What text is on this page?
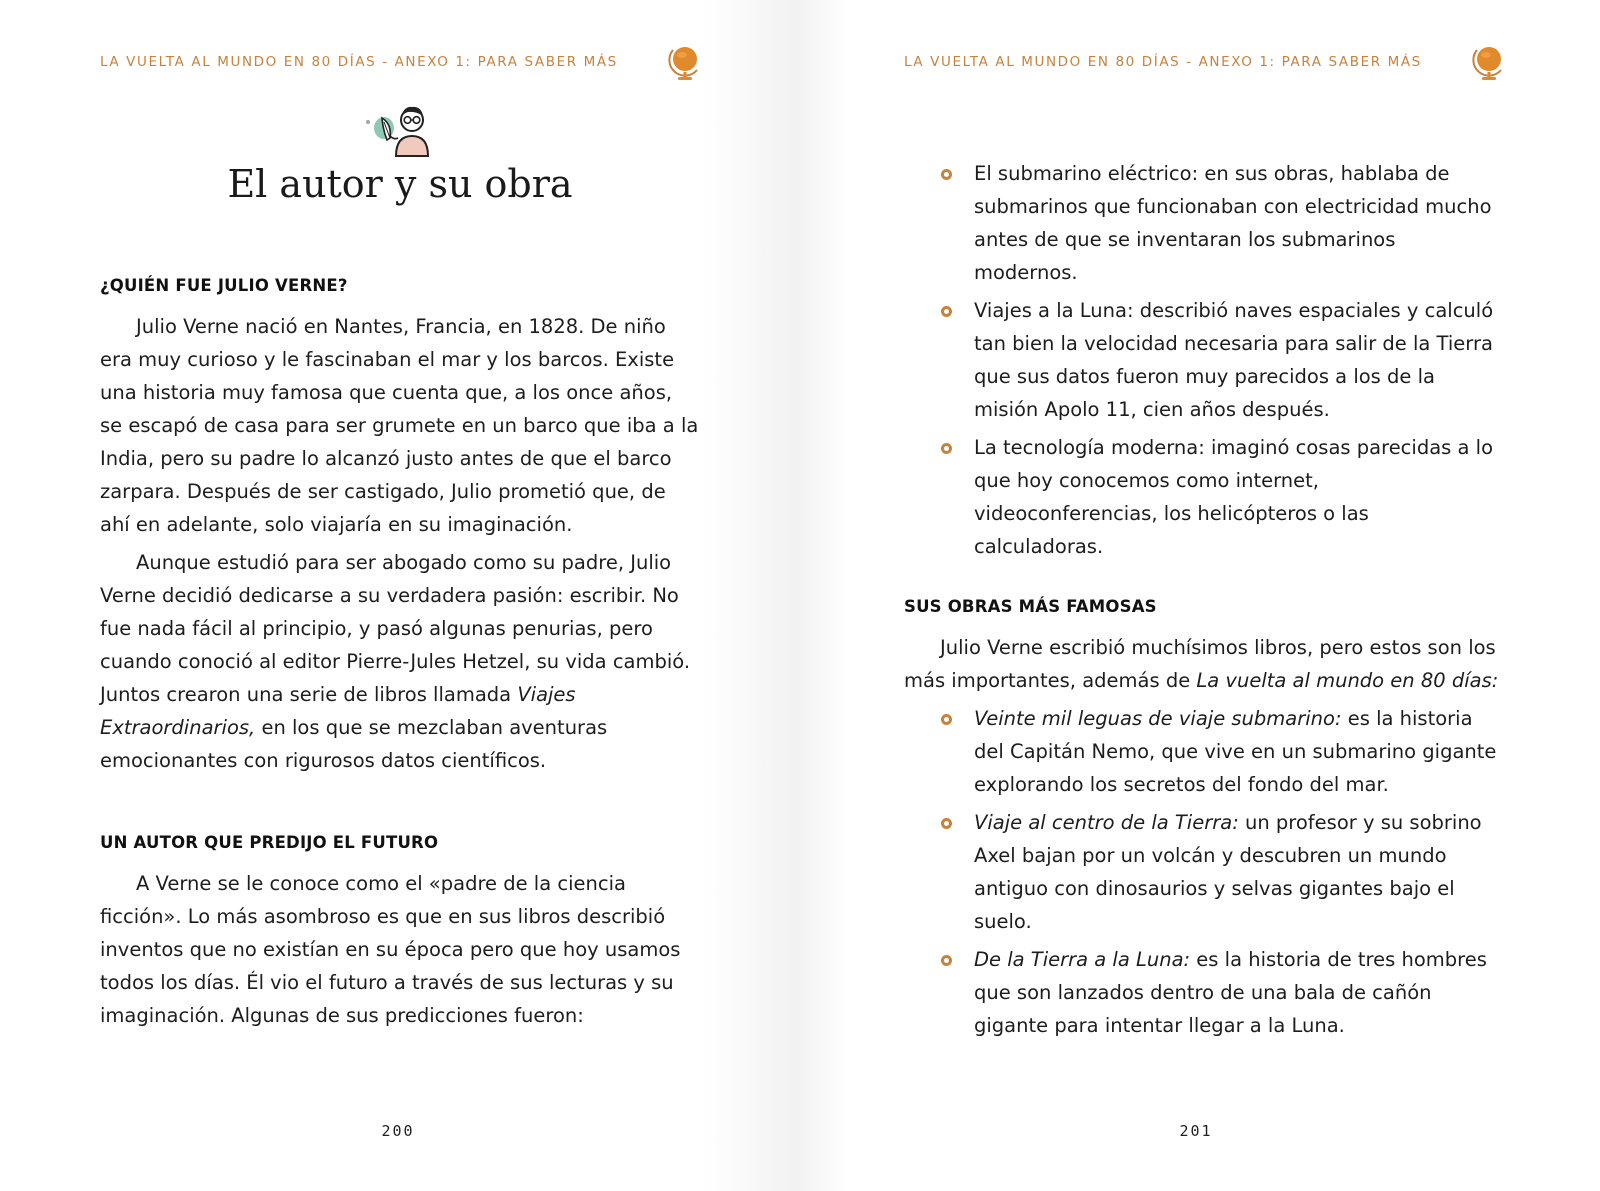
LA VUELTA AL MUNDO EN 80 DÍAS - ANEXO 1: PARA SABER MÁS
El autor y su obra
¿QUIÉN FUE JULIO VERNE?

Julio Verne nació en Nantes, Francia, en 1828. De niño era muy curioso y le fascinaban el mar y los barcos. Existe una historia muy famosa que cuenta que, a los once años, se escapó de casa para ser grumete en un barco que iba a la India, pero su padre lo alcanzó justo antes de que el barco zarpara. Después de ser castigado, Julio prometió que, de ahí en adelante, solo viajaría en su imaginación.

Aunque estudió para ser abogado como su padre, Julio Verne decidió dedicarse a su verdadera pasión: escribir. No fue nada fácil al principio, y pasó algunas penurias, pero cuando conoció al editor Pierre-Jules Hetzel, su vida cambió. Juntos crearon una serie de libros llamada Viajes Extraordinarios, en los que se mezclaban aventuras emocionantes con rigurosos datos científicos.

UN AUTOR QUE PREDIJO EL FUTURO

A Verne se le conoce como el «padre de la ciencia ficción». Lo más asombroso es que en sus libros describió inventos que no existían en su época pero que hoy usamos todos los días. Él vio el futuro a través de sus lecturas y su imaginación. Algunas de sus predicciones fueron:

200
LA VUELTA AL MUNDO EN 80 DÍAS - ANEXO 1: PARA SABER MÁS
El submarino eléctrico: en sus obras, hablaba de submarinos que funcionaban con electricidad mucho antes de que se inventaran los submarinos modernos.
Viajes a la Luna: describió naves espaciales y calculó tan bien la velocidad necesaria para salir de la Tierra que sus datos fueron muy parecidos a los de la misión Apolo 11, cien años después.
La tecnología moderna: imaginó cosas parecidas a lo que hoy conocemos como internet, videoconferencias, los helicópteros o las calculadoras.
SUS OBRAS MÁS FAMOSAS

Julio Verne escribió muchísimos libros, pero estos son los más importantes, además de La vuelta al mundo en 80 días:

Veinte mil leguas de viaje submarino: es la historia del Capitán Nemo, que vive en un submarino gigante explorando los secretos del fondo del mar.
Viaje al centro de la Tierra: un profesor y su sobrino Axel bajan por un volcán y descubren un mundo antiguo con dinosaurios y selvas gigantes bajo el suelo.
De la Tierra a la Luna: es la historia de tres hombres que son lanzados dentro de una bala de cañón gigante para intentar llegar a la Luna.
201
